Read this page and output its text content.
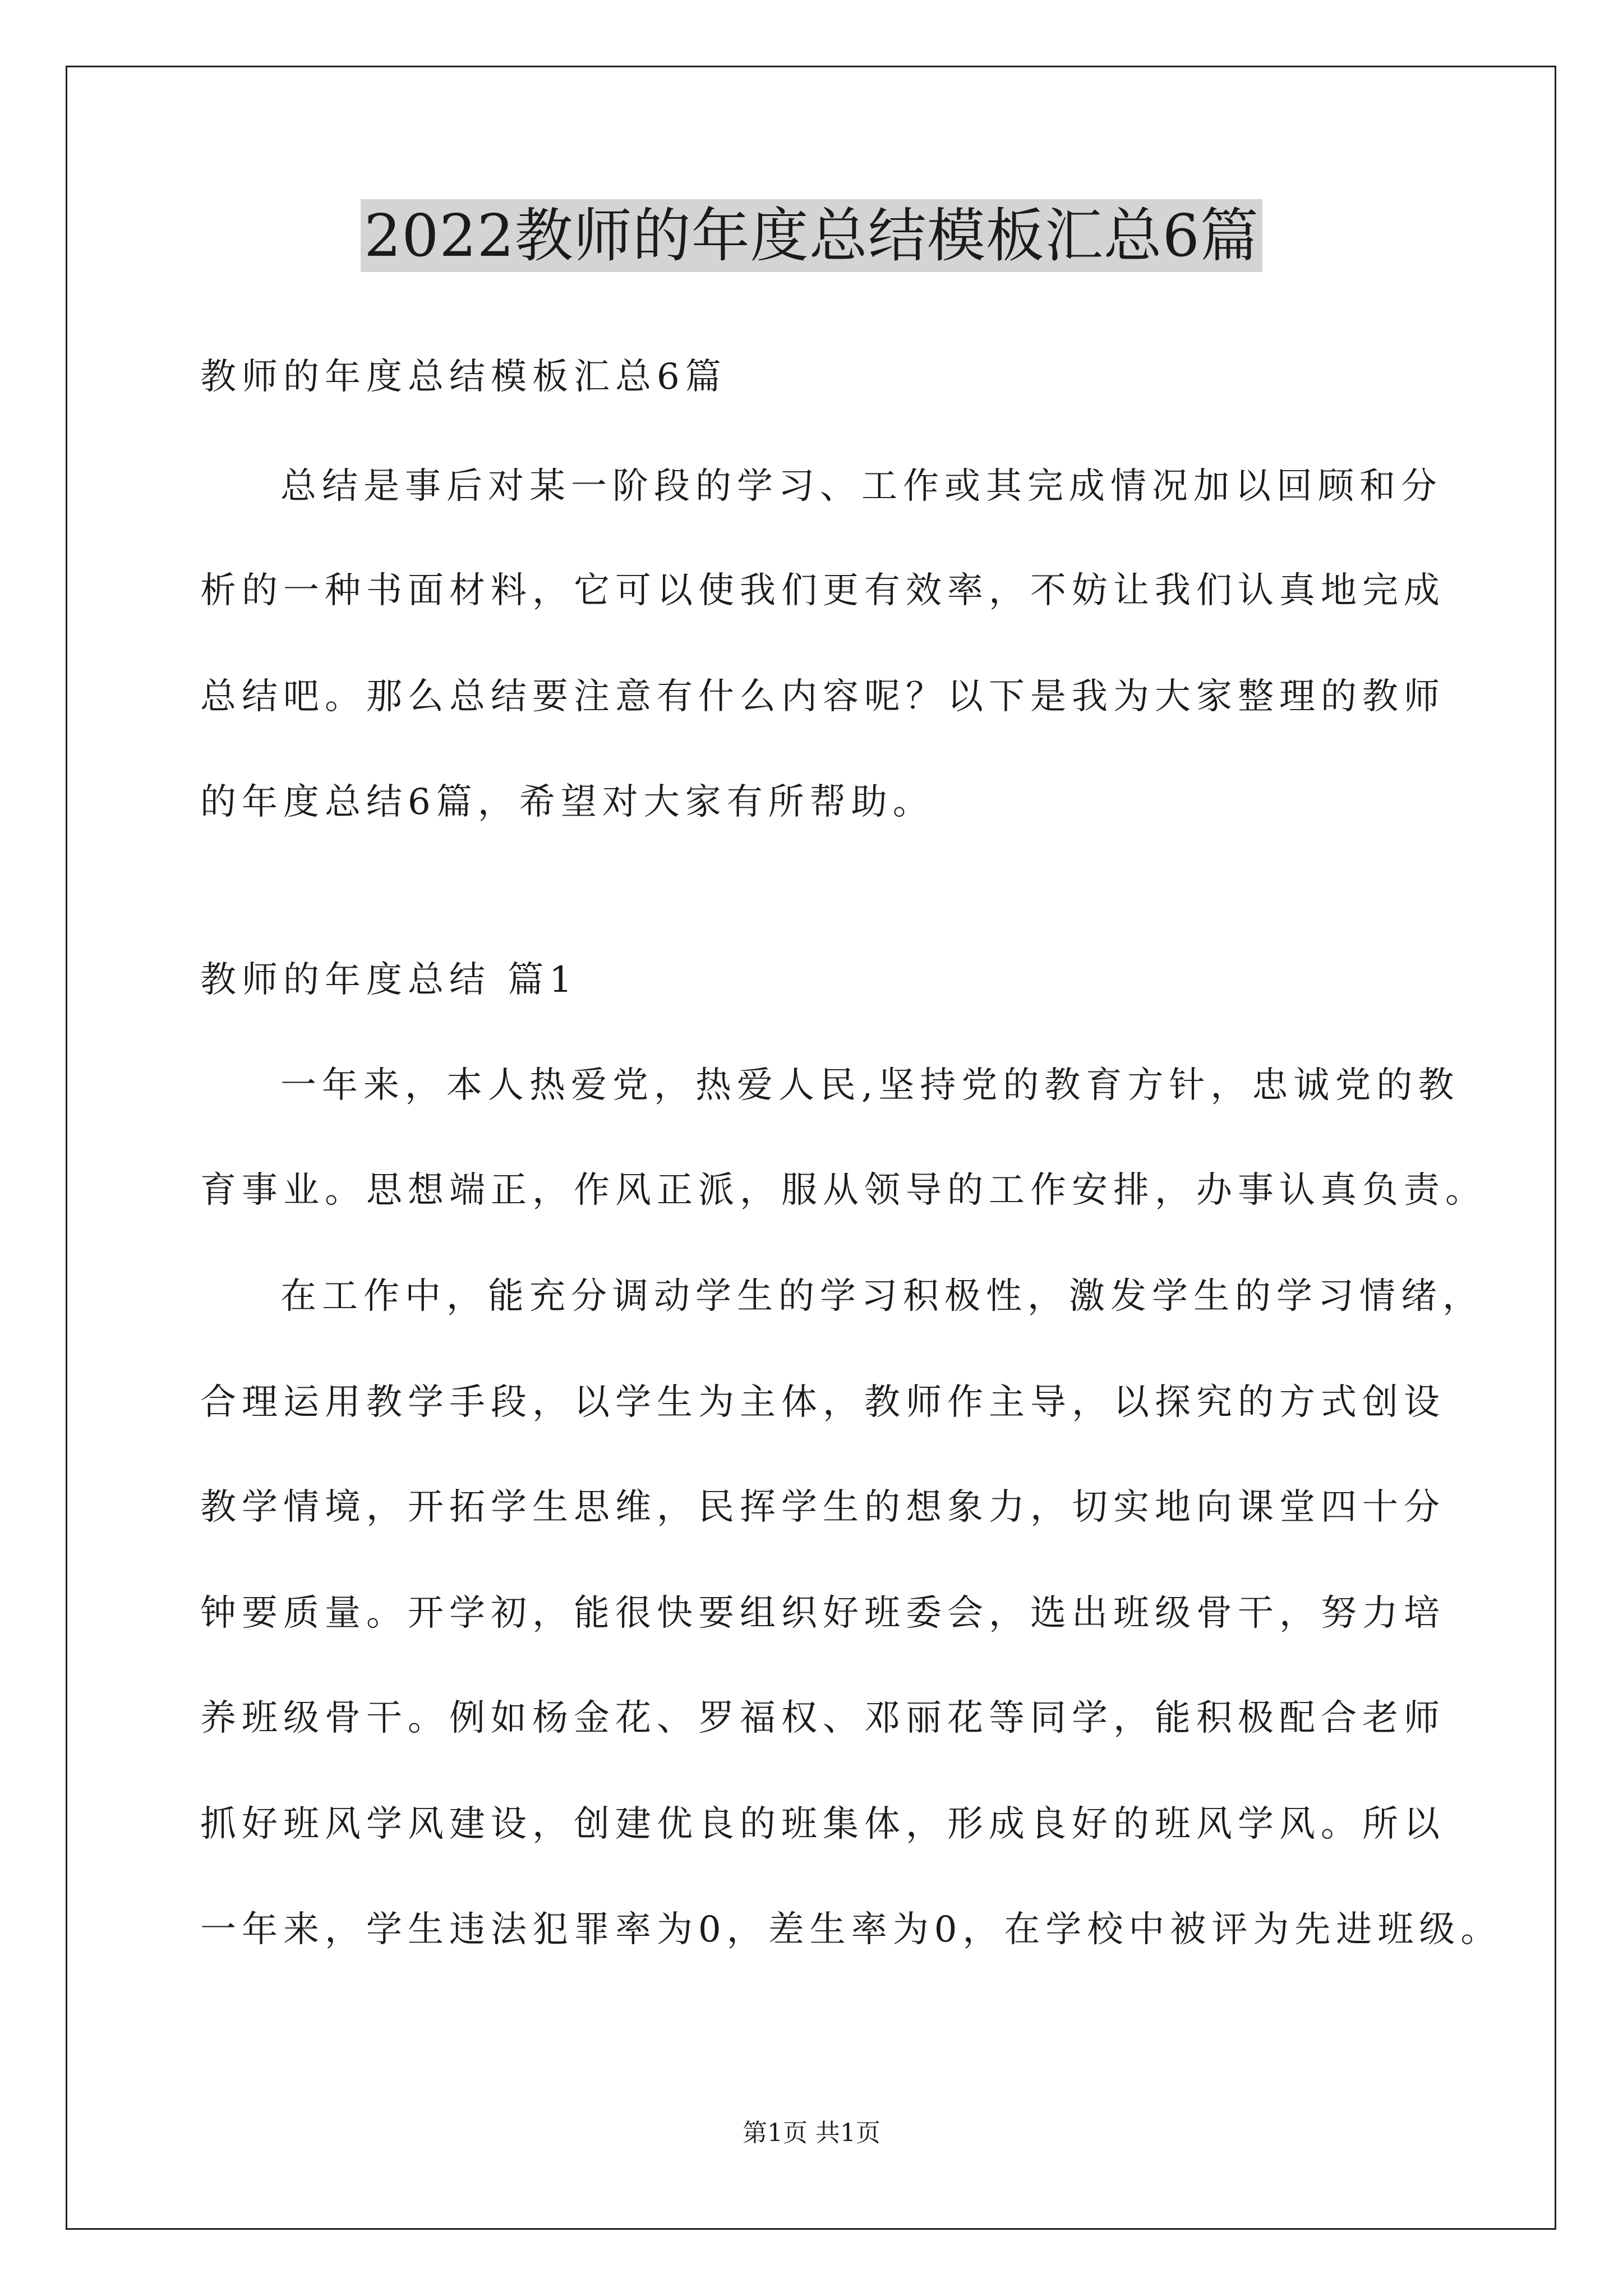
2022教师的年度总结模板汇总6篇
教师的年度总结模板汇总6篇
总结是事后对某一阶段的学习、工作或其完成情况加以回顾和分
析的一种书面材料，它可以使我们更有效率，不妨让我们认真地完成
总结吧。那么总结要注意有什么内容呢？以下是我为大家整理的教师
的年度总结6篇，希望对大家有所帮助。
教师的年度总结 篇1
一年来，本人热爱党，热爱人民,坚持党的教育方针，忠诚党的教
育事业。思想端正，作风正派，服从领导的工作安排，办事认真负责。
在工作中，能充分调动学生的学习积极性，激发学生的学习情绪，
合理运用教学手段，以学生为主体，教师作主导，以探究的方式创设
教学情境，开拓学生思维，民挥学生的想象力，切实地向课堂四十分
钟要质量。开学初，能很快要组织好班委会，选出班级骨干，努力培
养班级骨干。例如杨金花、罗福权、邓丽花等同学，能积极配合老师
抓好班风学风建设，创建优良的班集体，形成良好的班风学风。所以
一年来，学生违法犯罪率为0，差生率为0，在学校中被评为先进班级。
第1页 共1页
